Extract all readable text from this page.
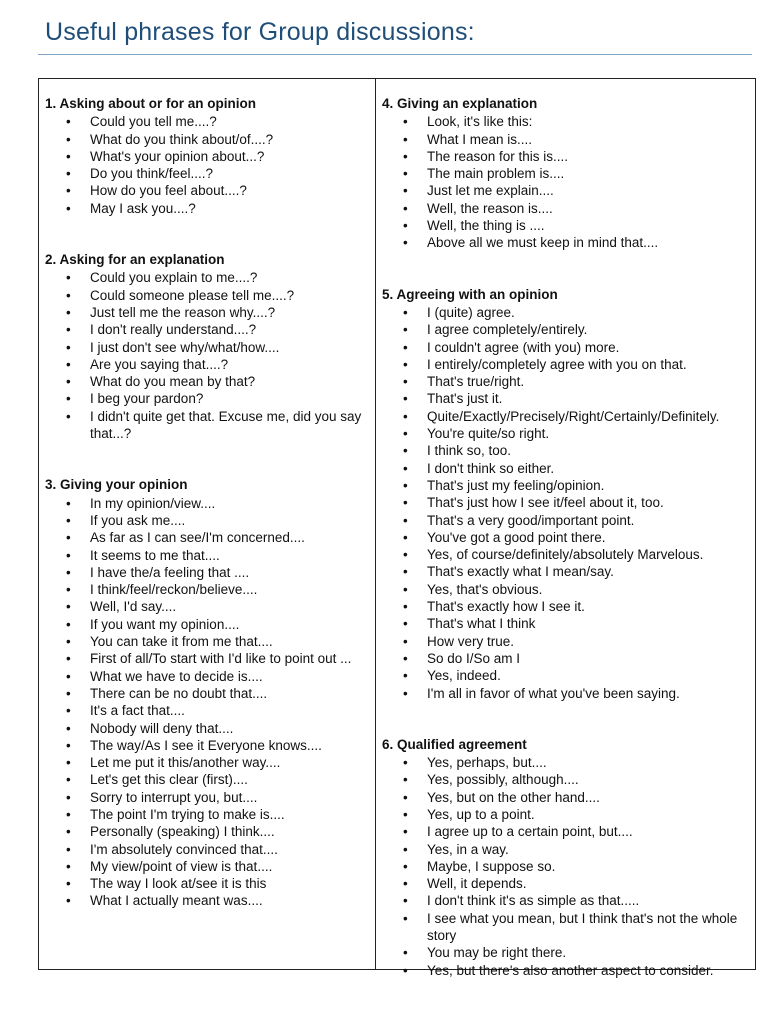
Useful phrases for Group discussions:
1. Asking about or for an opinion
• Could you tell me....?
• What do you think about/of....?
• What's your opinion about...?
• Do you think/feel....?
• How do you feel about....?
• May I ask you....?
2. Asking for an explanation
• Could you explain to me....?
• Could someone please tell me....?
• Just tell me the reason why....?
• I don't really understand....?
• I just don't see why/what/how....
• Are you saying that....?
• What do you mean by that?
• I beg your pardon?
• I didn't quite get that. Excuse me, did you say that...?
3. Giving your opinion
• In my opinion/view....
• If you ask me....
• As far as I can see/I'm concerned....
• It seems to me that....
• I have the/a feeling that ....
• I think/feel/reckon/believe....
• Well, I'd say....
• If you want my opinion....
• You can take it from me that....
• First of all/To start with I'd like to point out ...
• What we have to decide is....
• There can be no doubt that....
• It's a fact that....
• Nobody will deny that....
• The way/As I see it Everyone knows....
• Let me put it this/another way....
• Let's get this clear (first)....
• Sorry to interrupt you, but....
• The point I'm trying to make is....
• Personally (speaking) I think....
• I'm absolutely convinced that....
• My view/point of view is that....
• The way I look at/see it is this
• What I actually meant was....
4. Giving an explanation
• Look, it's like this:
• What I mean is....
• The reason for this is....
• The main problem is....
• Just let me explain....
• Well, the reason is....
• Well, the thing is ....
• Above all we must keep in mind that....
5. Agreeing with an opinion
• I (quite) agree.
• I agree completely/entirely.
• I couldn't agree (with you) more.
• I entirely/completely agree with you on that.
• That's true/right.
• That's just it.
• Quite/Exactly/Precisely/Right/Certainly/Definitely.
• You're quite/so right.
• I think so, too.
• I don't think so either.
• That's just my feeling/opinion.
• That's just how I see it/feel about it, too.
• That's a very good/important point.
• You've got a good point there.
• Yes, of course/definitely/absolutely Marvelous.
• That's exactly what I mean/say.
• Yes, that's obvious.
• That's exactly how I see it.
• That's what I think
• How very true.
• So do I/So am I
• Yes, indeed.
• I'm all in favor of what you've been saying.
6. Qualified agreement
• Yes, perhaps, but....
• Yes, possibly, although....
• Yes, but on the other hand....
• Yes, up to a point.
• I agree up to a certain point, but....
• Yes, in a way.
• Maybe, I suppose so.
• Well, it depends.
• I don't think it's as simple as that.....
• I see what you mean, but I think that's not the whole story
• You may be right there.
• Yes, but there's also another aspect to consider.
